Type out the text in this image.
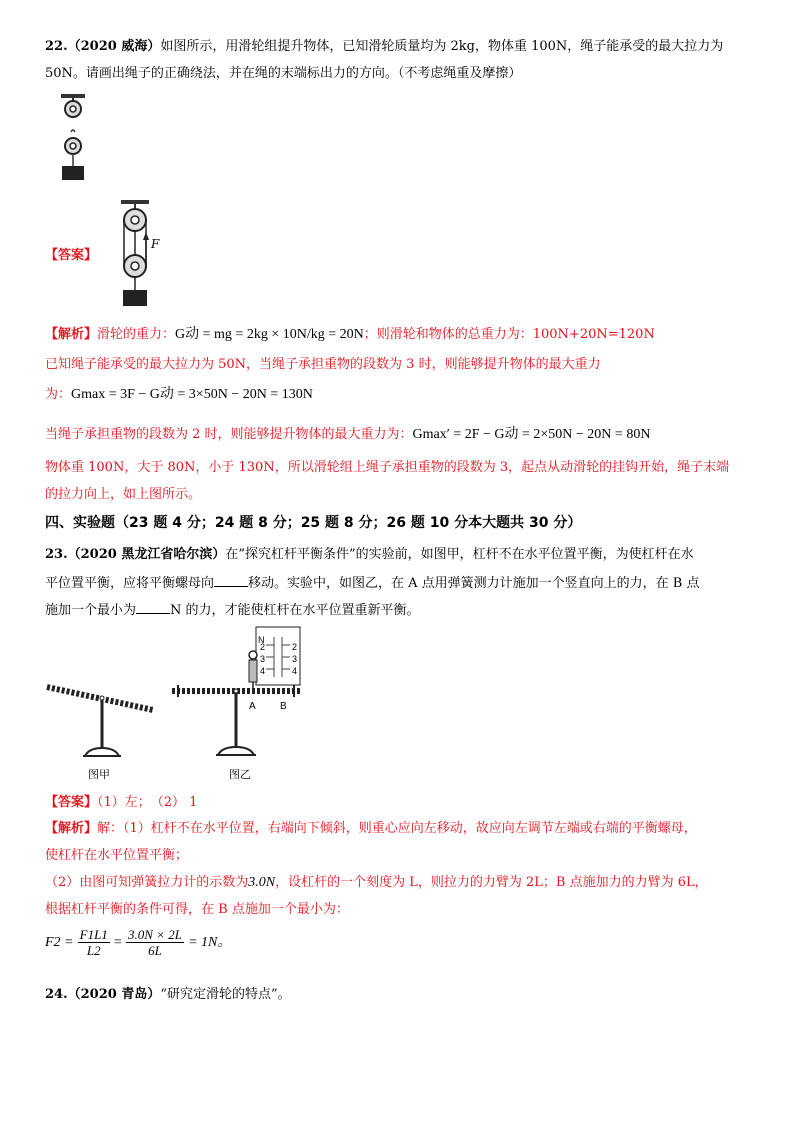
22.（2020 威海）如图所示，用滑轮组提升物体，已知滑轮质量均为 2kg，物体重 100N，绳子能承受的最大拉力为
50N。请画出绳子的正确绕法，并在绳的末端标出力的方向。（不考虑绳重及摩擦）
【答案】
F
【解析】滑轮的重力：G动 = mg = 2kg × 10N/kg = 20N；则滑轮和物体的总重力为：100N+20N=120N
已知绳子能承受的最大拉力为 50N，当绳子承担重物的段数为 3 时，则能够提升物体的最大重力
为：Gmax = 3F − G动 = 3×50N − 20N = 130N
当绳子承担重物的段数为 2 时，则能够提升物体的最大重力为：Gmax′ = 2F − G动 = 2×50N − 20N = 80N
物体重 100N，大于 80N，小于 130N，所以滑轮组上绳子承担重物的段数为 3，起点从动滑轮的挂钩开始，绳子末端
的拉力向上，如上图所示。
四、实验题（23 题 4 分；24 题 8 分；25 题 8 分；26 题 10 分本大题共 30 分）
23.（2020 黑龙江省哈尔滨）在”探究杠杆平衡条件”的实验前，如图甲，杠杆不在水平位置平衡，为使杠杆在水
平位置平衡，应将平衡螺母向	移动。实验中，如图乙，在 A 点用弹簧测力计施加一个竖直向上的力，在 B 点
施加一个最小为	N 的力，才能使杠杆在水平位置重新平衡。
图甲
N
2
3
4
2
3
4
A B
图乙
【答案】（1）左；　（2） 1
【解析】解：（1）杠杆不在水平位置，右端向下倾斜，则重心应向左移动，故应向左调节左端或右端的平衡螺母，
使杠杆在水平位置平衡；
（2）由图可知弹簧拉力计的示数为3.0N，设杠杆的一个刻度为 L，则拉力的力臂为 2L；B 点施加力的力臂为 6L，
根据杠杆平衡的条件可得，在 B 点施加一个最小为：
$F2 = \frac{F1L1}{L2} = \frac{3.0N \times 2L}{6L} = 1N$。
24.（2020 青岛）“研究定滑轮的特点”。
